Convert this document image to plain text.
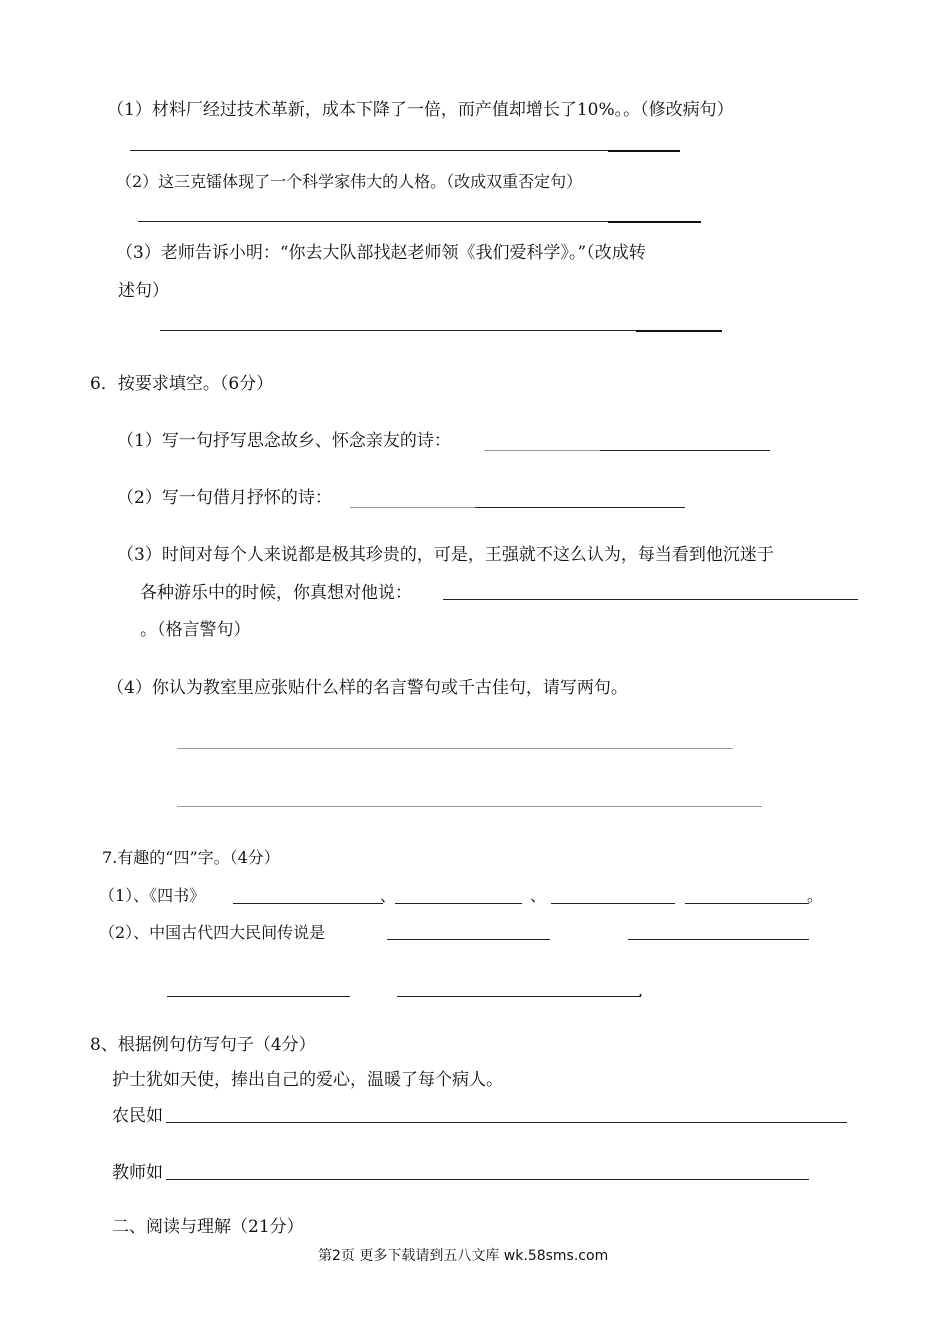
（1）材料厂经过技术革新，成本下降了一倍，而产值却增长了10%。。（修改病句）
（2）这三克镭体现了一个科学家伟大的人格。（改成双重否定句）
（3）老师告诉小明：“你去大队部找赵老师领《我们爱科学》。”（改成转
述句）
6．按要求填空。（6分）
（1）写一句抒写思念故乡、怀念亲友的诗：
（2）写一句借月抒怀的诗：
（3）时间对每个人来说都是极其珍贵的，可是，王强就不这么认为，每当看到他沉迷于
各种游乐中的时候，你真想对他说：
。（格言警句）
（4）你认为教室里应张贴什么样的名言警句或千古佳句，请写两句。
7.有趣的“四”字。（4分）
（1）、《四书》	、	、	。
（2）、中国古代四大民间传说是
.
8、根据例句仿写句子（4分）
护士犹如天使，捧出自己的爱心，温暖了每个病人。
农民如
教师如
二、阅读与理解（21分）
第2页 更多下载请到五八文库 wk.58sms.com
